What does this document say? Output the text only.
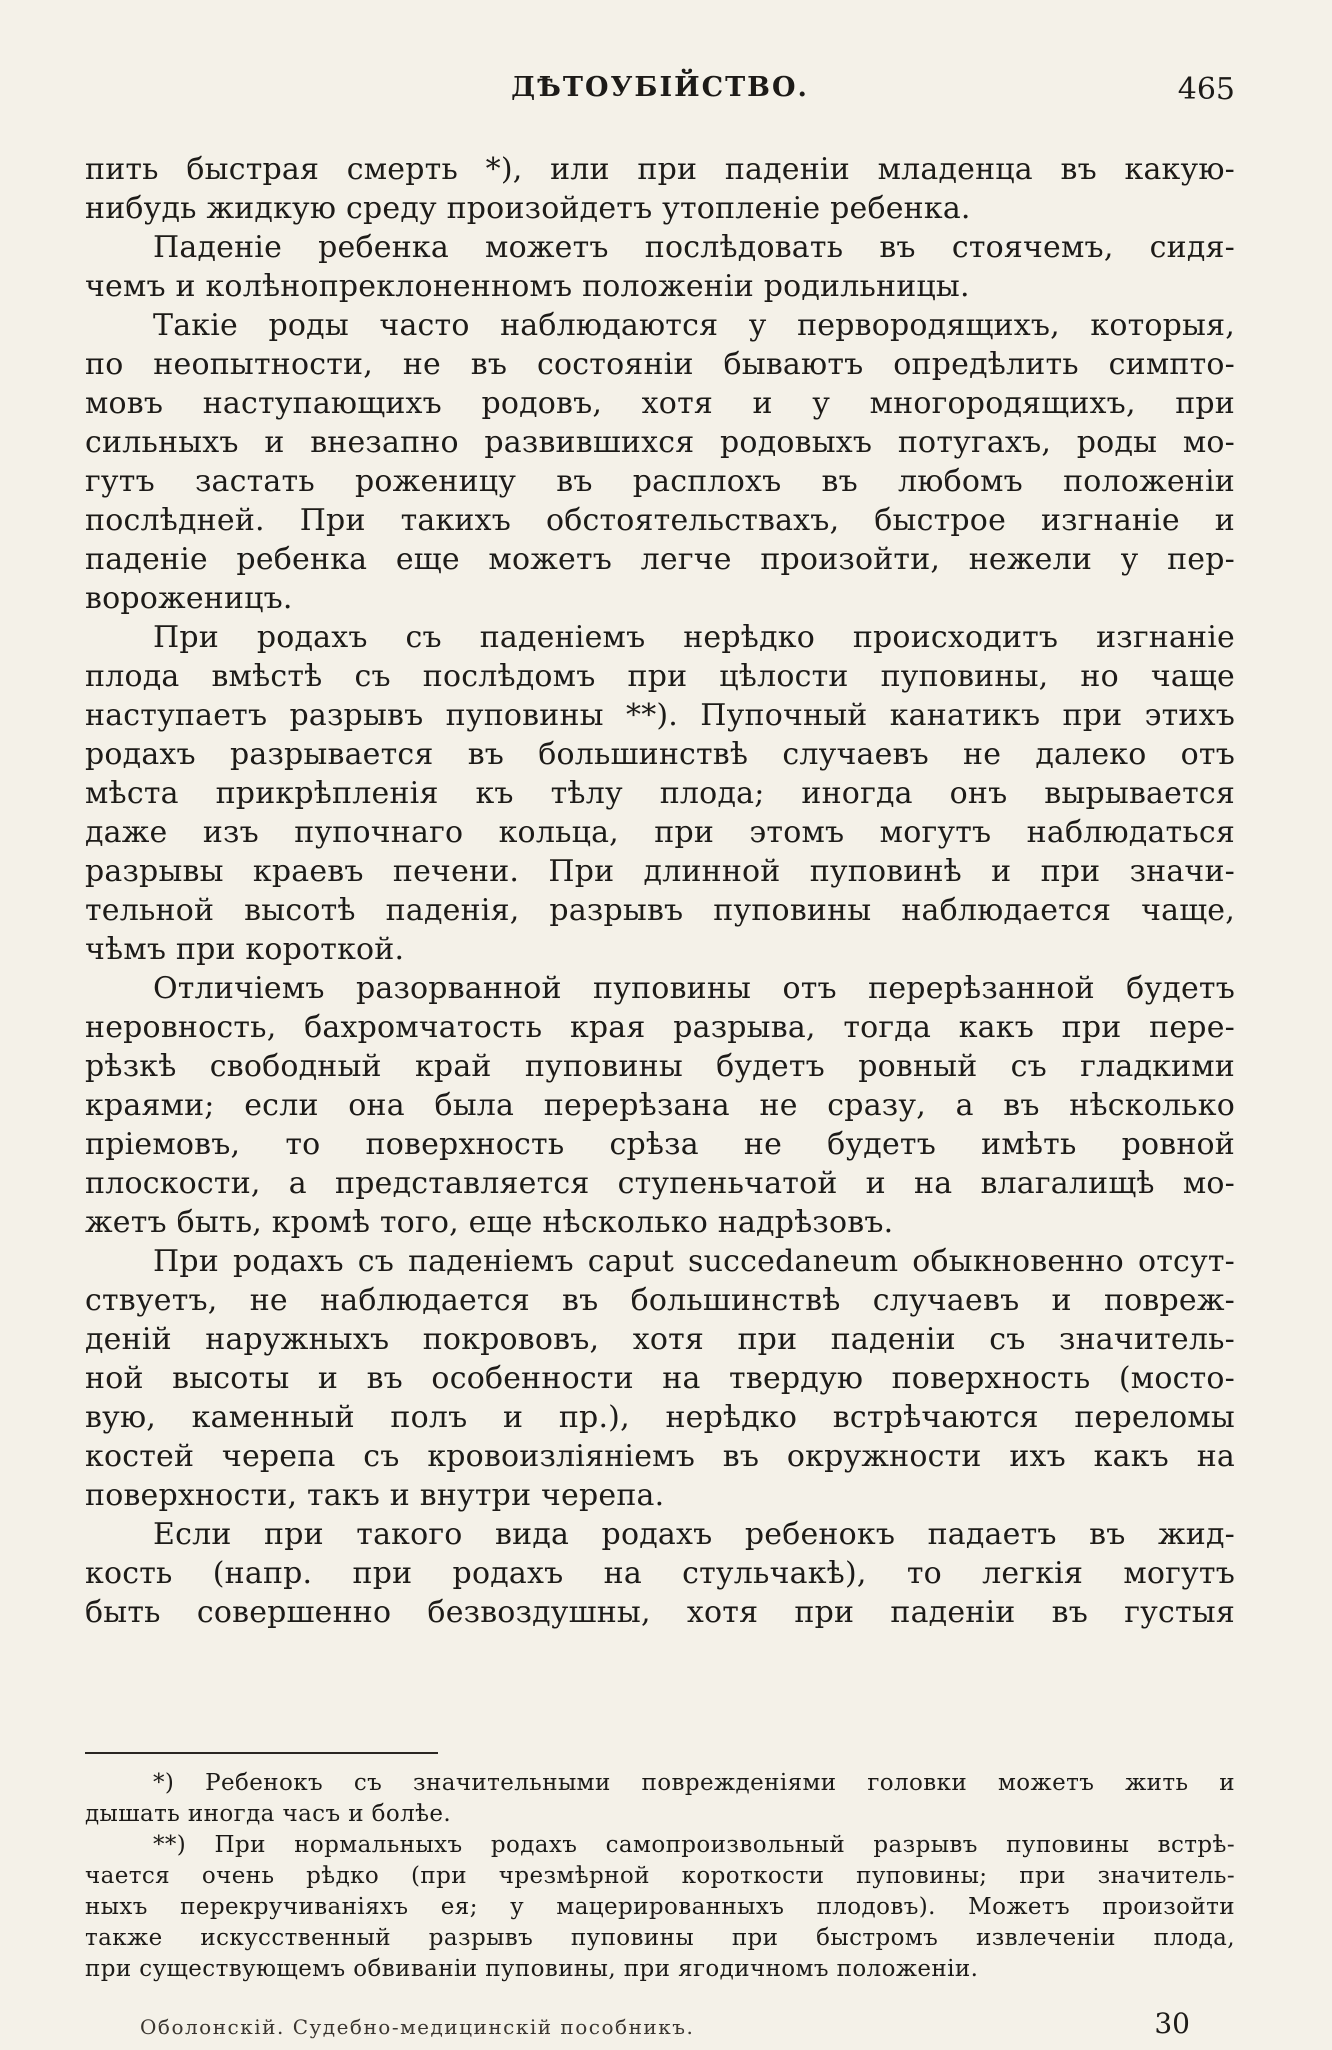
ДѢТОУБІЙСТВО.	465
пить быстрая смерть *), или при паденіи младенца въ какую-
нибудь жидкую среду произойдетъ утопленіе ребенка.
Паденіе ребенка можетъ послѣдовать въ стоячемъ, сидя-
чемъ и колѣнопреклоненномъ положеніи родильницы.
Такіе роды часто наблюдаются у первородящихъ, которыя,
по неопытности, не въ состояніи бываютъ опредѣлить симпто-
мовъ наступающихъ родовъ, хотя и у многородящихъ, при
сильныхъ и внезапно развившихся родовыхъ потугахъ, роды мо-
гутъ застать роженицу въ расплохъ въ любомъ положеніи
послѣдней. При такихъ обстоятельствахъ, быстрое изгнаніе и
паденіе ребенка еще можетъ легче произойти, нежели у пер-
вороженицъ.
При родахъ съ паденіемъ нерѣдко происходитъ изгнаніе
плода вмѣстѣ съ послѣдомъ при цѣлости пуповины, но чаще
наступаетъ разрывъ пуповины **). Пупочный канатикъ при этихъ
родахъ разрывается въ большинствѣ случаевъ не далеко отъ
мѣста прикрѣпленія къ тѣлу плода; иногда онъ вырывается
даже изъ пупочнаго кольца, при этомъ могутъ наблюдаться
разрывы краевъ печени. При длинной пуповинѣ и при значи-
тельной высотѣ паденія, разрывъ пуповины наблюдается чаще,
чѣмъ при короткой.
Отличіемъ разорванной пуповины отъ перерѣзанной будетъ
неровность, бахромчатость края разрыва, тогда какъ при пере-
рѣзкѣ свободный край пуповины будетъ ровный съ гладкими
краями; если она была перерѣзана не сразу, а въ нѣсколько
пріемовъ, то поверхность срѣза не будетъ имѣть ровной
плоскости, а представляется ступеньчатой и на влагалищѣ мо-
жетъ быть, кромѣ того, еще нѣсколько надрѣзовъ.
При родахъ съ паденіемъ caput succedaneum обыкновенно отсут-
ствуетъ, не наблюдается въ большинствѣ случаевъ и повреж-
деній наружныхъ покрововъ, хотя при паденіи съ значитель-
ной высоты и въ особенности на твердую поверхность (мосто-
вую, каменный полъ и пр.), нерѣдко встрѣчаются переломы
костей черепа съ кровоизліяніемъ въ окружности ихъ какъ на
поверхности, такъ и внутри черепа.
Если при такого вида родахъ ребенокъ падаетъ въ жид-
кость (напр. при родахъ на стульчакѣ), то легкія могутъ
быть совершенно безвоздушны, хотя при паденіи въ густыя
*) Ребенокъ съ значительными поврежденіями головки можетъ жить и
дышать иногда часъ и болѣе.
**) При нормальныхъ родахъ самопроизвольный разрывъ пуповины встрѣ-
чается очень рѣдко (при чрезмѣрной короткости пуповины; при значитель-
ныхъ перекручиваніяхъ ея; у мацерированныхъ плодовъ). Можетъ произойти
также искусственный разрывъ пуповины при быстромъ извлеченіи плода,
при существующемъ обвиваніи пуповины, при ягодичномъ положеніи.
Оболонскій. Судебно-медицинскій пособникъ.	30
